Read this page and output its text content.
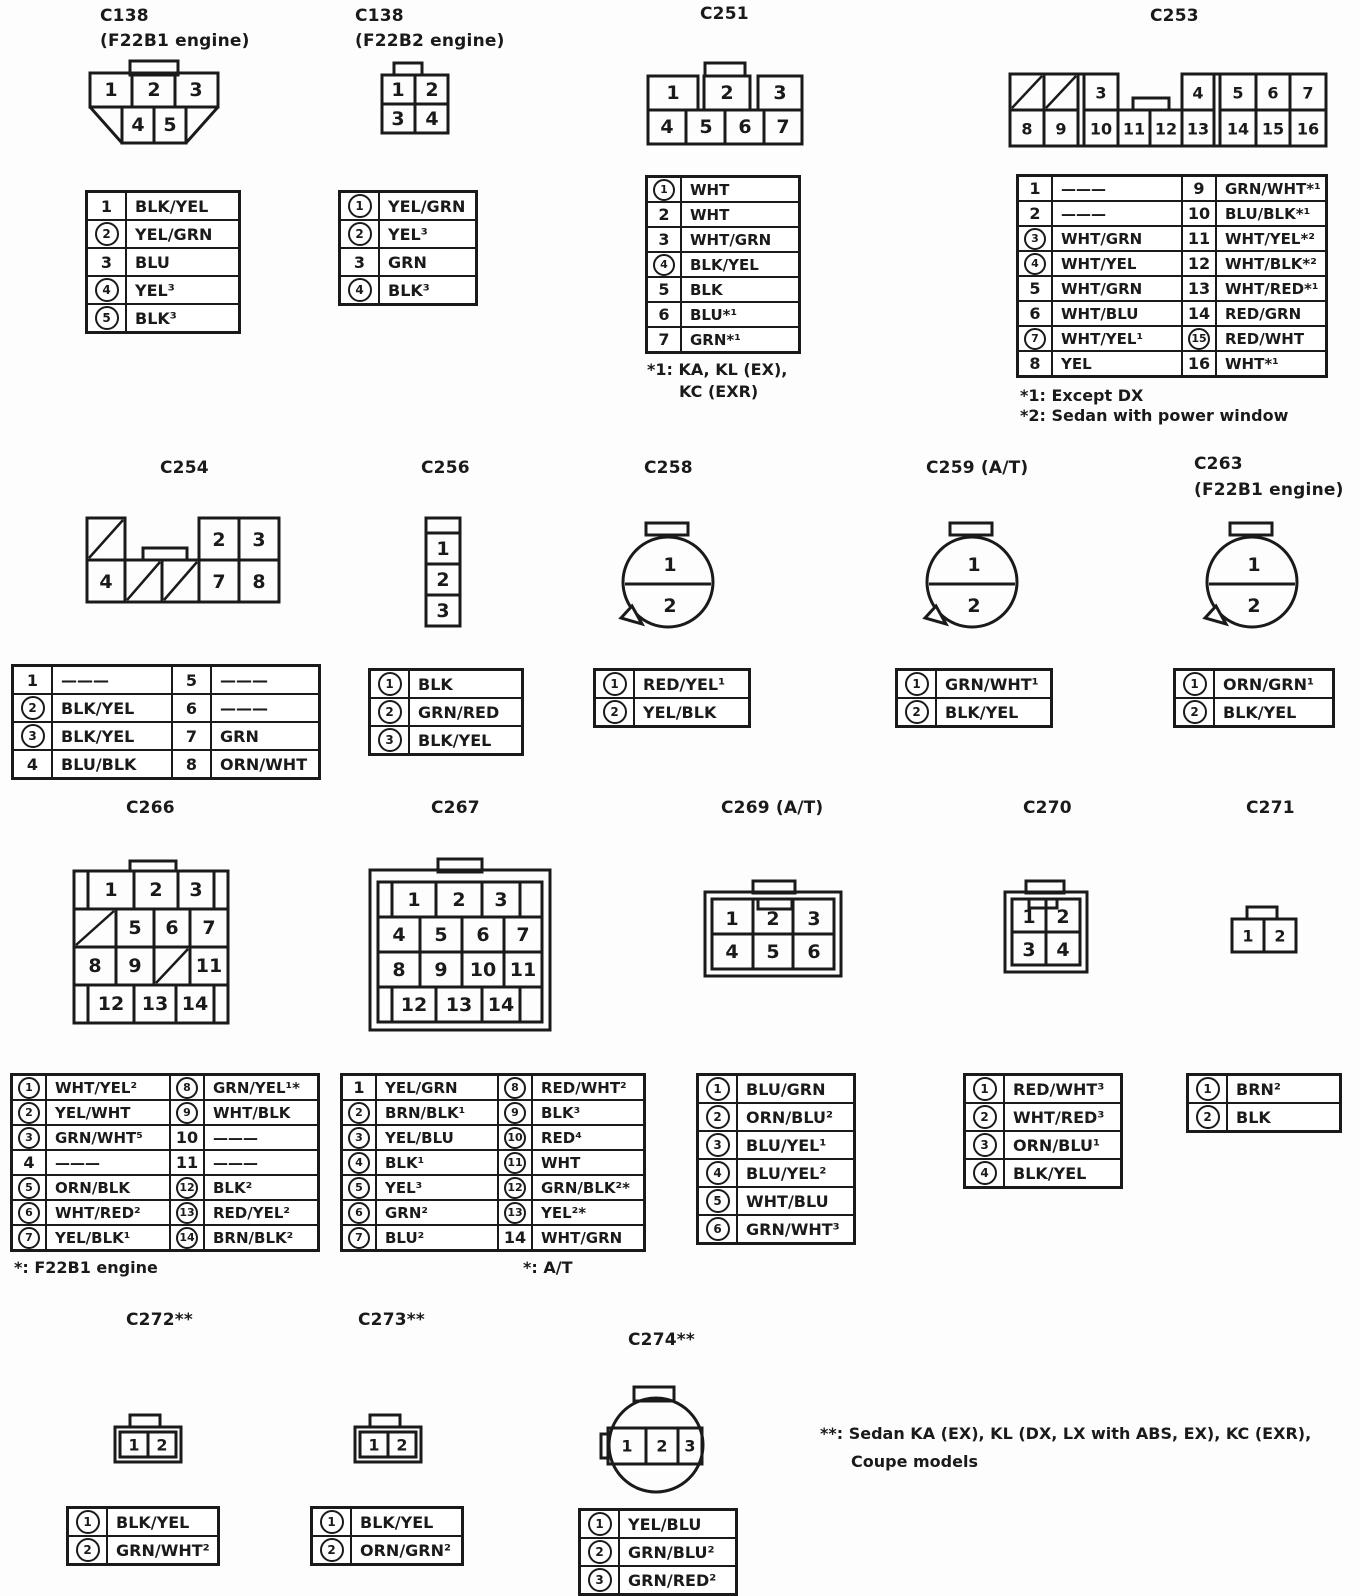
C138
(F22B1 engine)
1 2 3
4 5
1	BLK/YEL
2	YEL/GRN
3	BLU
4	YEL³
5	BLK³
C138
(F22B2 engine)
1 2
3 4
1	YEL/GRN
2	YEL³
3	GRN
4	BLK³
C251
1 2 3
4 5 6 7
1	WHT
2	WHT
3	WHT/GRN
4	BLK/YEL
5	BLK
6	BLU*¹
7	GRN*¹
*1: KA, KL (EX),
KC (EXR)
C253
3	4 5 6 7
8 9 10 11 12 13 14 15 16
1	———	9	GRN/WHT*¹
2	———	10 BLU/BLK*¹
3	WHT/GRN	11 WHT/YEL*²
4	WHT/YEL	12 WHT/BLK*²
5	WHT/GRN	13 WHT/RED*¹
6	WHT/BLU	14 RED/GRN
7	WHT/YEL¹	15	RED/WHT
8	YEL	16 WHT*¹
*1: Except DX
*2: Sedan with power window
C254
2 3
4	7 8
1	———	5	———
2	BLK/YEL	6	———
3	BLK/YEL	7	GRN
4	BLU/BLK	8	ORN/WHT
C256
1
2
3
1	BLK
2	GRN/RED
3	BLK/YEL
C258
1
2
1	RED/YEL¹
2	YEL/BLK
C259 (A/T)
1
2
1	GRN/WHT¹
2	BLK/YEL
C263
(F22B1 engine)
1
2
1	ORN/GRN¹
2	BLK/YEL
C266
1 2 3
5 6 7
8 9	11
12 13 14
1	WHT/YEL²	8	GRN/YEL¹*
2	YEL/WHT	9	WHT/BLK
3	GRN/WHT⁵	10 ———
4	———	11 ———
5	ORN/BLK	12	BLK²
6	WHT/RED²	13	RED/YEL²
7	YEL/BLK¹	14	BRN/BLK²
*: F22B1 engine
C267
1 2 3
4 5 6 7
8 9 10 11
12 13 14
1	YEL/GRN	8	RED/WHT²
2	BRN/BLK¹	9	BLK³
3	YEL/BLU	10	RED⁴
4	BLK¹	11	WHT
5	YEL³	12	GRN/BLK²*
6	GRN²	13	YEL²*
7	BLU²	14 WHT/GRN
*: A/T
C269 (A/T)
1 2 3
4 5 6
1	BLU/GRN
2	ORN/BLU²
3	BLU/YEL¹
4	BLU/YEL²
5	WHT/BLU
6	GRN/WHT³
C270
1 2
3 4
1	RED/WHT³
2	WHT/RED³
3	ORN/BLU¹
4	BLK/YEL
C271
1 2
1	BRN²
2	BLK
C272**
1 2
1	BLK/YEL
2	GRN/WHT²
C273**
1 2
1	BLK/YEL
2	ORN/GRN²
C274**
1 2 3
1	YEL/BLU
2	GRN/BLU²
3	GRN/RED²
**: Sedan KA (EX), KL (DX, LX with ABS, EX), KC (EXR),
Coupe models
